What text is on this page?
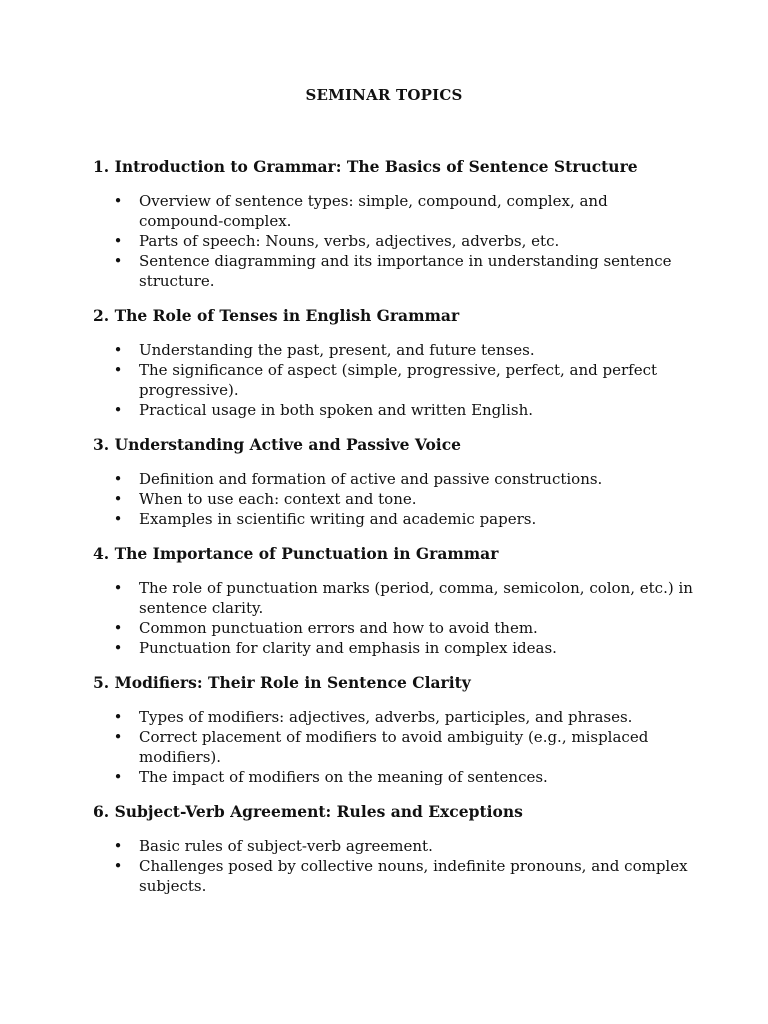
SEMINAR TOPICS
1. Introduction to Grammar: The Basics of Sentence Structure
• Overview of sentence types: simple, compound, complex, and compound-complex.
• Parts of speech: Nouns, verbs, adjectives, adverbs, etc.
• Sentence diagramming and its importance in understanding sentence structure.
2. The Role of Tenses in English Grammar
• Understanding the past, present, and future tenses.
• The significance of aspect (simple, progressive, perfect, and perfect progressive).
• Practical usage in both spoken and written English.
3. Understanding Active and Passive Voice
• Definition and formation of active and passive constructions.
• When to use each: context and tone.
• Examples in scientific writing and academic papers.
4. The Importance of Punctuation in Grammar
• The role of punctuation marks (period, comma, semicolon, colon, etc.) in sentence clarity.
• Common punctuation errors and how to avoid them.
• Punctuation for clarity and emphasis in complex ideas.
5. Modifiers: Their Role in Sentence Clarity
• Types of modifiers: adjectives, adverbs, participles, and phrases.
• Correct placement of modifiers to avoid ambiguity (e.g., misplaced modifiers).
• The impact of modifiers on the meaning of sentences.
6. Subject-Verb Agreement: Rules and Exceptions
• Basic rules of subject-verb agreement.
• Challenges posed by collective nouns, indefinite pronouns, and complex subjects.
